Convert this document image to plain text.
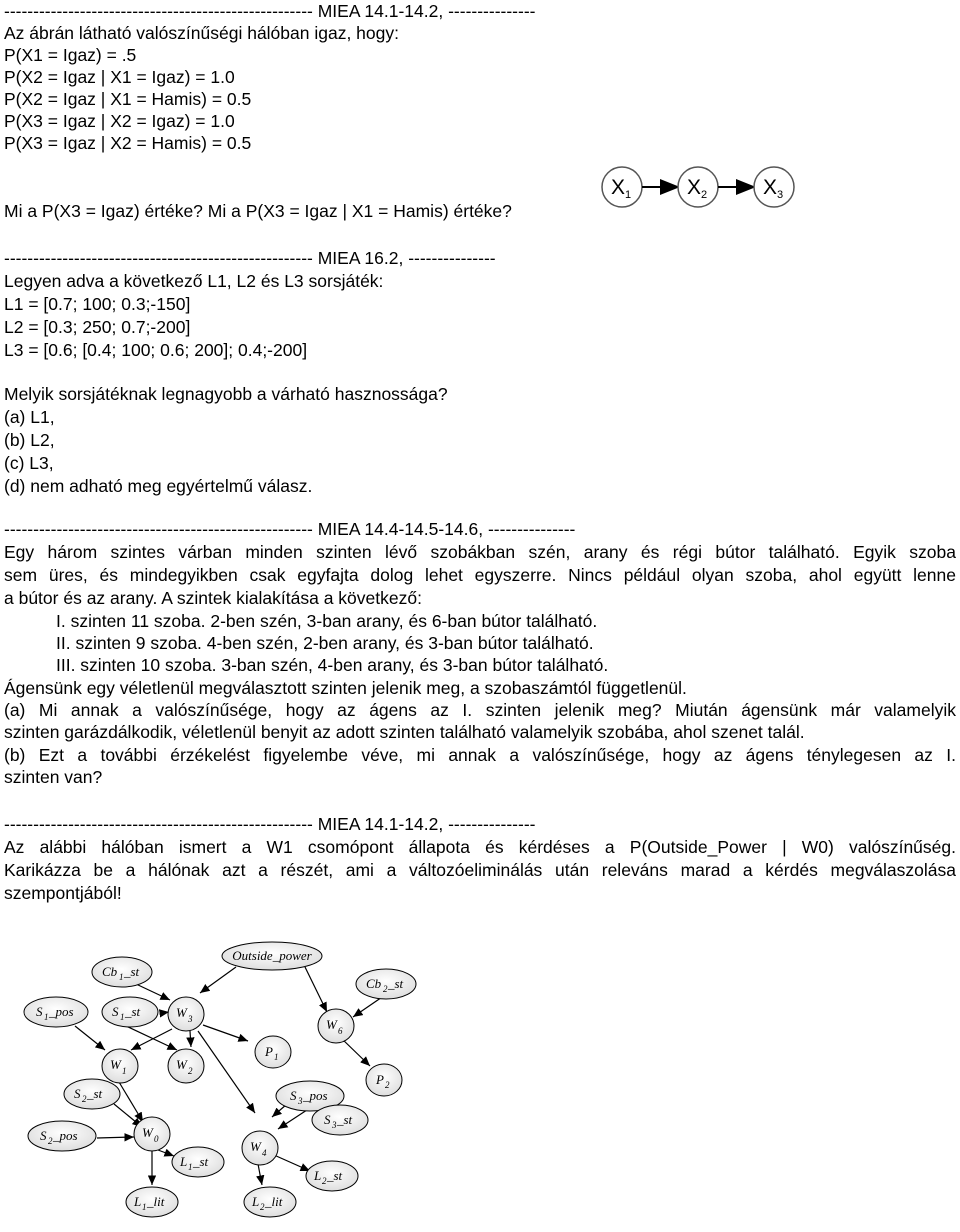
----------------------------------------------------- MIEA 14.1-14.2, ---------------
Az ábrán látható valószínűségi hálóban igaz, hogy:
P(X1 = Igaz) = .5
P(X2 = Igaz | X1 = Igaz) = 1.0
P(X2 = Igaz | X1 = Hamis) = 0.5
P(X3 = Igaz | X2 = Igaz) = 1.0
P(X3 = Igaz | X2 = Hamis) = 0.5
Mi a P(X3 = Igaz) értéke? Mi a P(X3 = Igaz | X1 = Hamis) értéke?
X 1	X 2	X 3
----------------------------------------------------- MIEA 16.2, ---------------
Legyen adva a következő L1, L2 és L3 sorsjáték:
L1 = [0.7; 100; 0.3;-150]
L2 = [0.3; 250; 0.7;-200]
L3 = [0.6; [0.4; 100; 0.6; 200]; 0.4;-200]
Melyik sorsjátéknak legnagyobb a várható hasznossága?
(a) L1,
(b) L2,
(c) L3,
(d) nem adható meg egyértelmű válasz.
----------------------------------------------------- MIEA 14.4-14.5-14.6, ---------------
Egy három szintes várban minden szinten lévő szobákban szén, arany és régi bútor található. Egyik szoba
sem üres, és mindegyikben csak egyfajta dolog lehet egyszerre. Nincs például olyan szoba, ahol együtt lenne
a bútor és az arany. A szintek kialakítása a következő:
I. szinten 11 szoba. 2-ben szén, 3-ban arany, és 6-ban bútor található.
II. szinten 9 szoba. 4-ben szén, 2-ben arany, és 3-ban bútor található.
III. szinten 10 szoba. 3-ban szén, 4-ben arany, és 3-ban bútor található.
Ágensünk egy véletlenül megválasztott szinten jelenik meg, a szobaszámtól függetlenül.
(a) Mi annak a valószínűsége, hogy az ágens az I. szinten jelenik meg? Miután ágensünk már valamelyik
szinten garázdálkodik, véletlenül benyit az adott szinten található valamelyik szobába, ahol szenet talál.
(b) Ezt a további érzékelést figyelembe véve, mi annak a valószínűsége, hogy az ágens ténylegesen az I.
szinten van?
----------------------------------------------------- MIEA 14.1-14.2, ---------------
Az alábbi hálóban ismert a W1 csomópont állapota és kérdéses a P(Outside_Power | W0) valószínűség.
Karikázza be a hálónak azt a részét, ami a változóeliminálás után releváns marad a kérdés megválaszolása
szempontjából!
Outside_power
Cb 1 _st
Cb 2 _st
S 1 _pos	S 1 _st	W 3	W 6
P 1
P 2
W 1	W 2
S 2 _st
S 2 _pos	W 0
S 3 _pos
S 3 _st
W 4
L 1 _st
L 2 _st
L 1 _lit	L 2 _lit
